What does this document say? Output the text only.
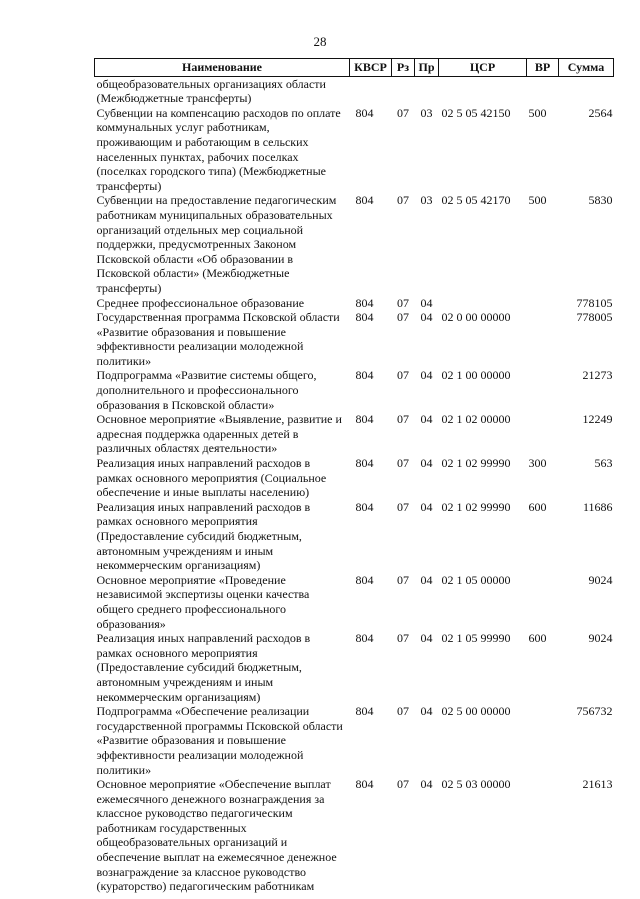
28
Наименование	КВСР	Рз	Пр	ЦСР	ВР	Сумма
общеобразовательных организациях области (Межбюджетные трансферты)						
Субвенции на компенсацию расходов по оплате коммунальных услуг работникам, проживающим и работающим в сельских населенных пунктах, рабочих поселках (поселках городского типа) (Межбюджетные трансферты)	804	07	03	02 5 05 42150	500	2564
Субвенции на предоставление педагогическим работникам муниципальных образовательных организаций отдельных мер социальной поддержки, предусмотренных Законом Псковской области «Об образовании в Псковской области» (Межбюджетные трансферты)	804	07	03	02 5 05 42170	500	5830
Среднее профессиональное образование	804	07	04			778105
Государственная программа Псковской области «Развитие образования и повышение эффективности реализации молодежной политики»	804	07	04	02 0 00 00000		778005
Подпрограмма «Развитие системы общего, дополнительного и профессионального образования в Псковской области»	804	07	04	02 1 00 00000		21273
Основное мероприятие «Выявление, развитие и адресная поддержка одаренных детей в различных областях деятельности»	804	07	04	02 1 02 00000		12249
Реализация иных направлений расходов в рамках основного мероприятия (Социальное обеспечение и иные выплаты населению)	804	07	04	02 1 02 99990	300	563
Реализация иных направлений расходов в рамках основного мероприятия (Предоставление субсидий бюджетным, автономным учреждениям и иным некоммерческим организациям)	804	07	04	02 1 02 99990	600	11686
Основное мероприятие «Проведение независимой экспертизы оценки качества общего среднего профессионального образования»	804	07	04	02 1 05 00000		9024
Реализация иных направлений расходов в рамках основного мероприятия (Предоставление субсидий бюджетным, автономным учреждениям и иным некоммерческим организациям)	804	07	04	02 1 05 99990	600	9024
Подпрограмма «Обеспечение реализации государственной программы Псковской области «Развитие образования и повышение эффективности реализации молодежной политики»	804	07	04	02 5 00 00000		756732
Основное мероприятие «Обеспечение выплат ежемесячного денежного вознаграждения за классное руководство педагогическим работникам государственных общеобразовательных организаций и обеспечение выплат на ежемесячное денежное вознаграждение за классное руководство (кураторство) педагогическим работникам	804	07	04	02 5 03 00000		21613
